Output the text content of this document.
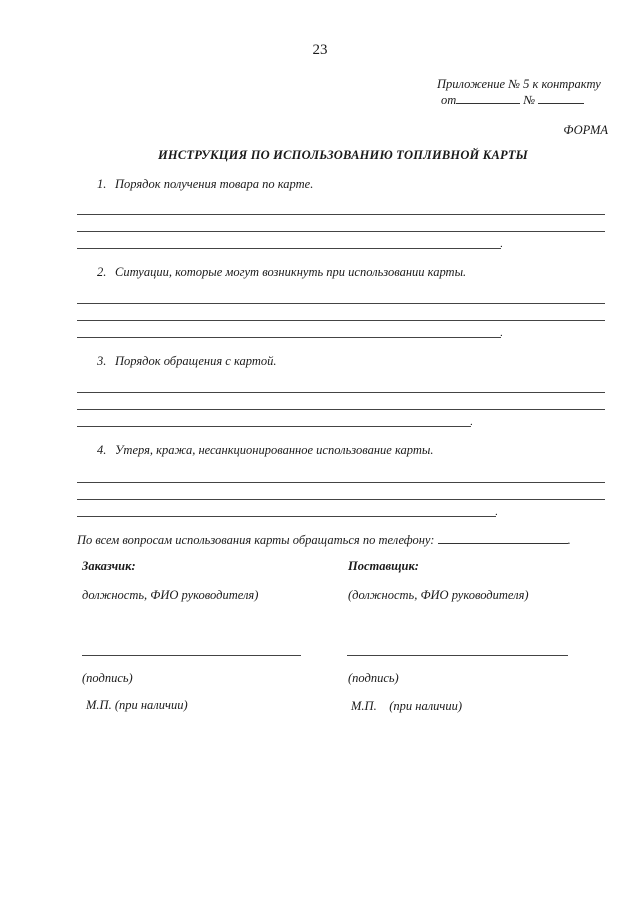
23
Приложение № 5 к контракту
от	№
ФОРМА
ИНСТРУКЦИЯ ПО ИСПОЛЬЗОВАНИЮ ТОПЛИВНОЙ КАРТЫ
1. Порядок получения товара по карте.
.
2. Ситуации, которые могут возникнуть при использовании карты.
.
3. Порядок обращения с картой.
.
4. Утеря, кража, несанкционированное использование карты.
.
По всем вопросам использования карты обращаться по телефону:	.
Заказчик:
должность, ФИО руководителя)
(подпись)
М.П. (при наличии)
Поставщик:
(должность, ФИО руководителя)
(подпись)
М.П. (при наличии)
